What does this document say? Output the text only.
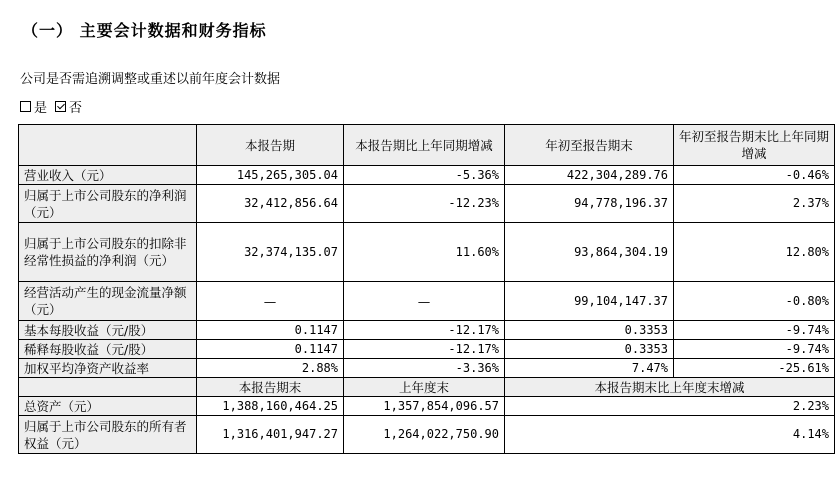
（一） 主要会计数据和财务指标
公司是否需追溯调整或重述以前年度会计数据
是 否
	本报告期	本报告期比上年同期增减	年初至报告期末	年初至报告期末比上年同期增减
营业收入（元）	145,265,305.04	-5.36%	422,304,289.76	-0.46%
归属于上市公司股东的净利润（元）	32,412,856.64	-12.23%	94,778,196.37	2.37%
归属于上市公司股东的扣除非经常性损益的净利润（元）	32,374,135.07	11.60%	93,864,304.19	12.80%
经营活动产生的现金流量净额（元）	—	—	99,104,147.37	-0.80%
基本每股收益（元/股）	0.1147	-12.17%	0.3353	-9.74%
稀释每股收益（元/股）	0.1147	-12.17%	0.3353	-9.74%
加权平均净资产收益率	2.88%	-3.36%	7.47%	-25.61%
	本报告期末	上年度末	本报告期末比上年度末增减	
总资产（元）	1,388,160,464.25	1,357,854,096.57	2.23%	
归属于上市公司股东的所有者权益（元）	1,316,401,947.27	1,264,022,750.90	4.14%	
